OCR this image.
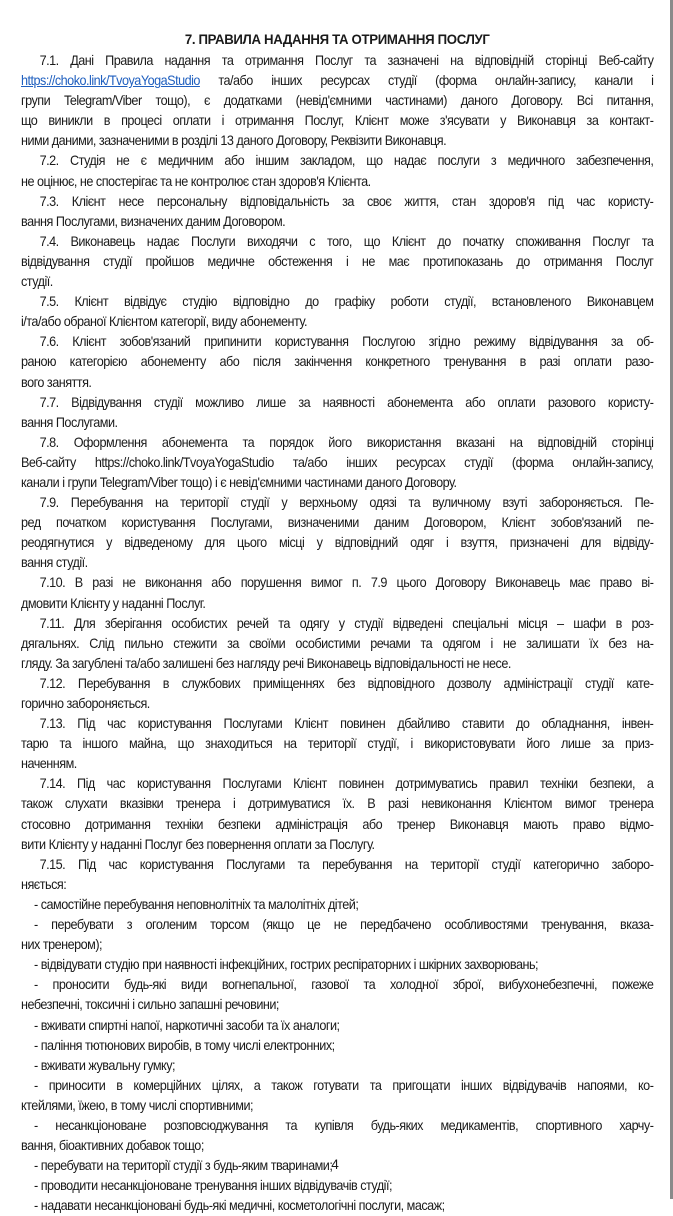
7. ПРАВИЛА НАДАННЯ ТА ОТРИМАННЯ ПОСЛУГ
7.1. Дані Правила надання та отримання Послуг та зазначені на відповідній сторінці Веб-сайту
https://choko.link/TvoyaYogaStudio та/або інших ресурсах студії (форма онлайн-запису, канали і
групи Telegram/Viber тощо), є додатками (невід'ємними частинами) даного Договору. Всі питання,
що виникли в процесі оплати і отримання Послуг, Клієнт може з'ясувати у Виконавця за контакт-
ними даними, зазначеними в розділі 13 даного Договору, Реквізити Виконавця.
7.2. Студія не є медичним або іншим закладом, що надає послуги з медичного забезпечення,
не оцінює, не спостерігає та не контролює стан здоров'я Клієнта.
7.3. Клієнт несе персональну відповідальність за своє життя, стан здоров'я під час користу-
вання Послугами, визначених даним Договором.
7.4. Виконавець надає Послуги виходячи с того, що Клієнт до початку споживання Послуг та
відвідування студії пройшов медичне обстеження і не має протипоказань до отримання Послуг
студії.
7.5. Клієнт відвідує студію відповідно до графіку роботи студії, встановленого Виконавцем
і/та/або обраної Клієнтом категорії, виду абонементу.
7.6. Клієнт зобов'язаний припинити користування Послугою згідно режиму відвідування за об-
раною категорією абонементу або після закінчення конкретного тренування в разі оплати разо-
вого заняття.
7.7. Відвідування студії можливо лише за наявності абонемента або оплати разового користу-
вання Послугами.
7.8. Оформлення абонемента та порядок його використання вказані на відповідній сторінці
Веб-сайту https://choko.link/TvoyaYogaStudio та/або інших ресурсах студії (форма онлайн-запису,
канали і групи Telegram/Viber тощо) і є невід'ємними частинами даного Договору.
7.9. Перебування на території студії у верхньому одязі та вуличному взуті забороняється. Пе-
ред початком користування Послугами, визначеними даним Договором, Клієнт зобов'язаний пе-
реодягнутися у відведеному для цього місці у відповідний одяг і взуття, призначені для відвіду-
вання студії.
7.10. В разі не виконання або порушення вимог п. 7.9 цього Договору Виконавець має право ві-
дмовити Клієнту у наданні Послуг.
7.11. Для зберігання особистих речей та одягу у студії відведені спеціальні місця – шафи в роз-
дягальнях. Слід пильно стежити за своїми особистими речами та одягом і не залишати їх без на-
гляду. За загублені та/або залишені без нагляду речі Виконавець відповідальності не несе.
7.12. Перебування в службових приміщеннях без відповідного дозволу адміністрації студії кате-
горично забороняється.
7.13. Під час користування Послугами Клієнт повинен дбайливо ставити до обладнання, інвен-
тарю та іншого майна, що знаходиться на території студії, і використовувати його лише за приз-
наченням.
7.14. Під час користування Послугами Клієнт повинен дотримуватись правил техніки безпеки, а
також слухати вказівки тренера і дотримуватися їх. В разі невиконання Клієнтом вимог тренера
стосовно дотримання техніки безпеки адміністрація або тренер Виконавця мають право відмо-
вити Клієнту у наданні Послуг без повернення оплати за Послугу.
7.15. Під час користування Послугами та перебування на території студії категорично заборо-
няється:
- самостійне перебування неповнолітніх та малолітніх дітей;
- перебувати з оголеним торсом (якщо це не передбачено особливостями тренування, вказа-
них тренером);
- відвідувати студію при наявності інфекційних, гострих респіраторних і шкірних захворювань;
- проносити будь-які види вогнепальної, газової та холодної зброї, вибухонебезпечні, пожеже
небезпечні, токсичні і сильно запашні речовини;
- вживати спиртні напої, наркотичні засоби та їх аналоги;
- паління тютюнових виробів, в тому числі електронних;
- вживати жувальну гумку;
- приносити в комерційних цілях, а також готувати та пригощати інших відвідувачів напоями, ко-
ктейлями, їжею, в тому числі спортивними;
- несанкціоноване розповсюджування та купівля будь-яких медикаментів, спортивного харчу-
вання, біоактивних добавок тощо;
- перебувати на території студії з будь-яким тваринами;
- проводити несанкціоноване тренування інших відвідувачів студії;
- надавати несанкціоновані будь-які медичні, косметологічні послуги, масаж;
4
